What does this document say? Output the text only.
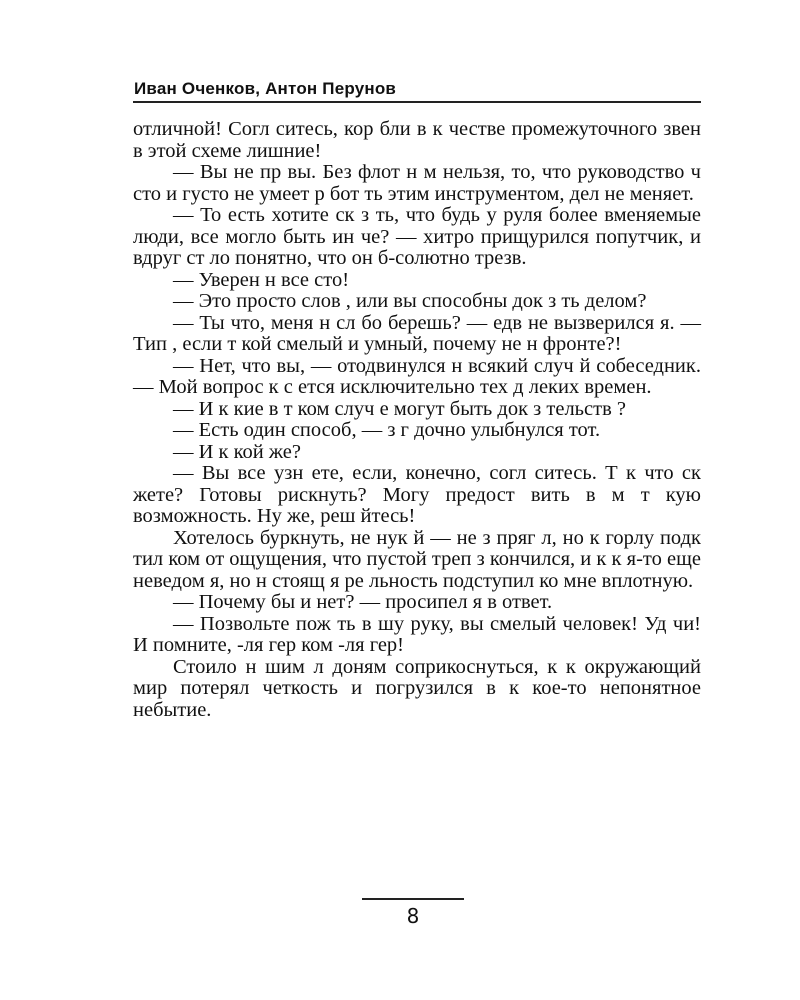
Иван Оченков, Антон Перунов

отличной! Согл ситесь, кор бли в к честве промежуточного звен в этой схеме лишние!

— Вы не пр вы. Без флот н м нельзя, то, что руководство ч сто и густо не умеет р бот ть этим инструментом, дел не меняет.

— То есть хотите ск з ть, что будь у руля более вменяемые люди, все могло быть ин че? — хитро прищурился попутчик, и вдруг ст ло понятно, что он б-солютно трезв.

— Уверен н все сто!

— Это просто слов , или вы способны док з ть делом?

— Ты что, меня н сл бо берешь? — едв не вызверился я. — Тип , если т кой смелый и умный, почему не н фронте?!

— Нет, что вы, — отодвинулся н всякий случ й собеседник. — Мой вопрос к с ется исключительно тех д леких времен.

— И к кие в т ком случ е могут быть док з тельств ?

— Есть один способ, — з г дочно улыбнулся тот.

— И к кой же?

— Вы все узн ете, если, конечно, согл ситесь. Т к что ск жете? Готовы рискнуть? Могу предост вить в м т кую возможность. Ну же, реш йтесь!

Хотелось буркнуть, не нук й — не з пряг л, но к горлу подк тил ком от ощущения, что пустой треп з кончился, и к к я-то еще неведом я, но н стоящ я ре льность подступил ко мне вплотную.

— Почему бы и нет? — просипел я в ответ.

— Позвольте пож ть в шу руку, вы смелый человек! Уд чи! И помните, -ля гер ком -ля гер!

Стоило н шим л доням соприкоснуться, к к окружающий мир потерял четкость и погрузился в к кое-то непонятное небытие.

8
